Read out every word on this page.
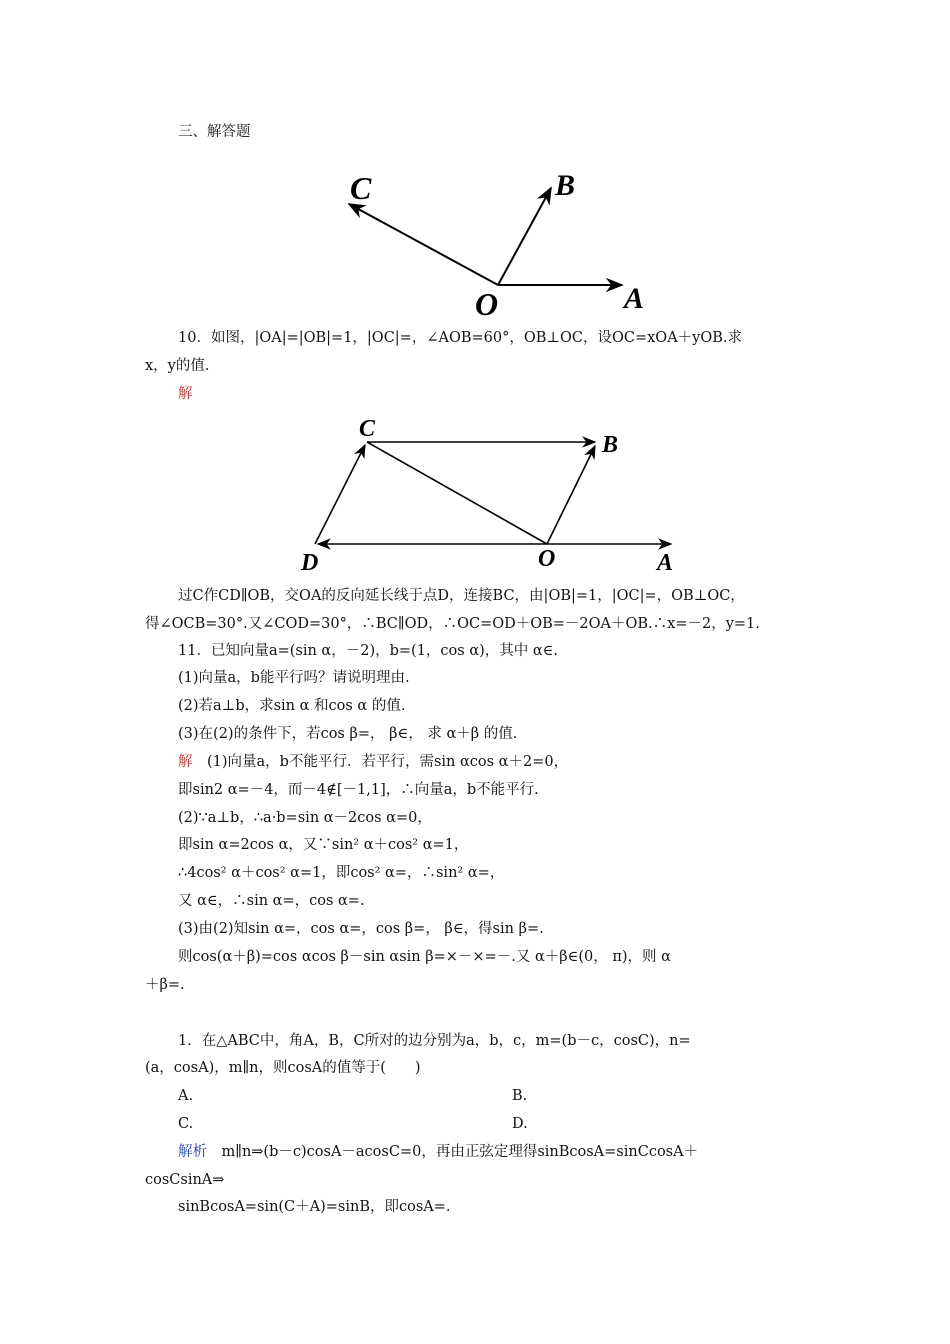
三、解答题
C	B
O	A
10．如图，|OA|=|OB|=1，|OC|=，∠AOB=60°，OB⊥OC，设OC=xOA＋yOB.求
x，y的值.
解
C
B
D	O	A
过C作CD∥OB，交OA的反向延长线于点D，连接BC，由|OB|=1，|OC|=，OB⊥OC，
得∠OCB=30°.又∠COD=30°，∴BC∥OD，∴OC=OD＋OB=－2OA＋OB.∴x=－2，y=1.
11．已知向量a=(sin α，－2)，b=(1，cos α)，其中 α∈.
(1)向量a，b能平行吗？请说明理由.
(2)若a⊥b，求sin α 和cos α 的值.
(3)在(2)的条件下，若cos β=， β∈， 求 α＋β 的值.
解　 (1)向量a，b不能平行．若平行，需sin αcos α＋2=0，
即sin2 α=－4，而－4∉[－1,1]，∴向量a，b不能平行.
(2)∵a⊥b，∴a·b=sin α－2cos α=0，
即sin α=2cos α，又∵sin² α＋cos² α=1，
∴4cos² α＋cos² α=1，即cos² α=，∴sin² α=，
又 α∈，∴sin α=，cos α=.
(3)由(2)知sin α=，cos α=，cos β=， β∈，得sin β=.
则cos(α＋β)=cos αcos β－sin αsin β=×－×=－.又 α＋β∈(0， π)，则 α
＋β=.
1．在△ABC中，角A，B，C所对的边分别为a，b，c，m=(b－c，cosC)，n=
(a，cosA)，m∥n，则cosA的值等于(　　)
A.	B.
C.	D.
解析　 m∥n⇒(b－c)cosA－acosC=0，再由正弦定理得sinBcosA=sinCcosA＋
cosCsinA⇒
sinBcosA=sin(C＋A)=sinB，即cosA=.
